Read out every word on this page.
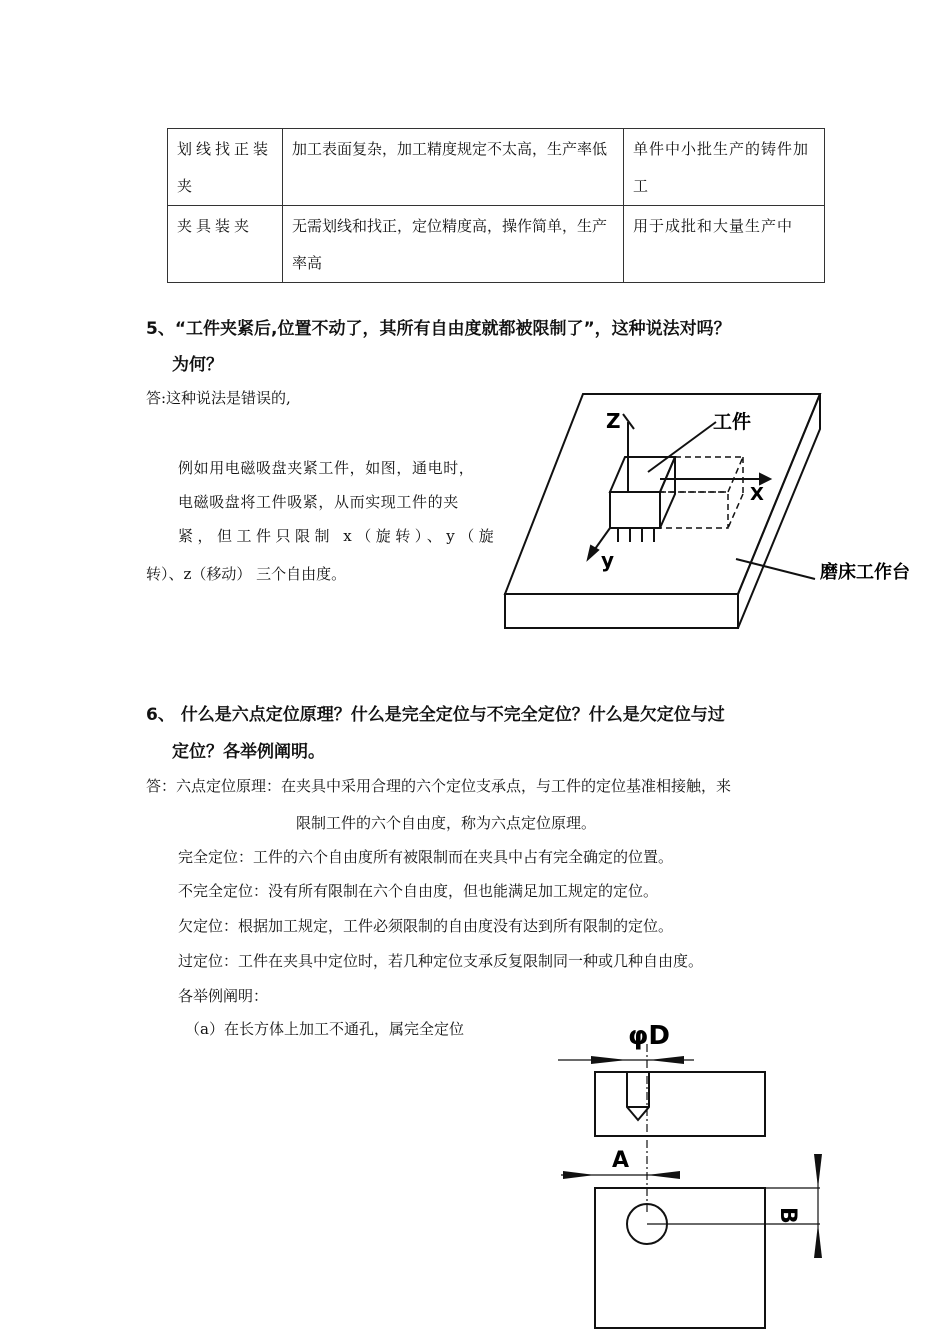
划线找正装夹	加工表面复杂，加工精度规定不太高，生产率低	单件中小批生产的铸件加工
夹具装夹	无需划线和找正，定位精度高，操作简单，生产率高	用于成批和大量生产中
5、“工件夹紧后,位置不动了，其所有自由度就都被限制了”，这种说法对吗？
为何？
答:这种说法是错误的,
例如用电磁吸盘夹紧工件，如图，通电时，
电磁吸盘将工件吸紧，从而实现工件的夹
紧，但工件只限制 x（旋转）、y（旋
转）、z（移动） 三个自由度。
Z
X
y
工件
磨床工作台
6、 什么是六点定位原理？什么是完全定位与不完全定位？什么是欠定位与过
定位？各举例阐明。
答：六点定位原理：在夹具中采用合理的六个定位支承点，与工件的定位基准相接触，来
限制工件的六个自由度，称为六点定位原理。
完全定位：工件的六个自由度所有被限制而在夹具中占有完全确定的位置。
不完全定位：没有所有限制在六个自由度，但也能满足加工规定的定位。
欠定位：根据加工规定，工件必须限制的自由度没有达到所有限制的定位。
过定位：工件在夹具中定位时，若几种定位支承反复限制同一种或几种自由度。
各举例阐明：
（a）在长方体上加工不通孔，属完全定位	φD
A
B
